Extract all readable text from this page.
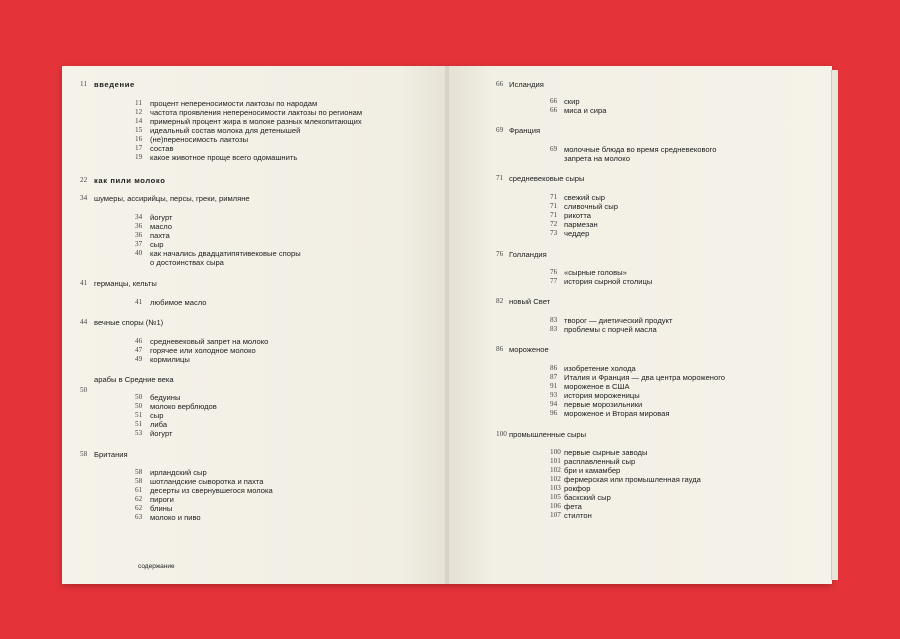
11 введение
11 процент непереносимости лактозы по народам
12 частота проявления непереносимости лактозы по регионам
14 примерный процент жира в молоке разных млекопитающих
15 идеальный состав молока для детенышей
16 (не)переносимость лактозы
17 состав
19 какое животное проще всего одомашнить
22 как пили молоко
34 шумеры, ассирийцы, персы, греки, римляне
34 йогурт
36 масло
36 пахта
37 сыр
40 как начались двадцатипятивековые споры
о достоинствах сыра
41 германцы, кельты
41 любимое масло
44 вечные споры (№1)
46 средневековый запрет на молоко
47 горячее или холодное молоко
49 кормилицы
арабы в Средние века
50
50 бедуины
50 молоко верблюдов
51 сыр
51 либа
53 йогурт
58 Британия
58 ирландский сыр
58 шотландские сыворотка и пахта
61 десерты из свернувшегося молока
62 пироги
62 блины
63 молоко и пиво
содержание

66 Исландия
66 скир
66 миса и сира
69 Франция
69 молочные блюда во время средневекового
запрета на молоко
71 средневековые сыры
71 свежий сыр
71 сливочный сыр
71 рикотта
72 пармезан
73 чеддер
76 Голландия
76 «сырные головы»
77 история сырной столицы
82 новый Свет
83 творог — диетический продукт
83 проблемы с порчей масла
86 мороженое
86 изобретение холода
87 Италия и Франция — два центра мороженого
91 мороженое в США
93 история мороженицы
94 первые морозильники
96 мороженое и Вторая мировая
100 промышленные сыры
100 первые сырные заводы
101 расплавленный сыр
102 бри и камамбер
102 фермерская или промышленная гауда
103 рокфор
105 баскский сыр
106 фета
107 стилтон
